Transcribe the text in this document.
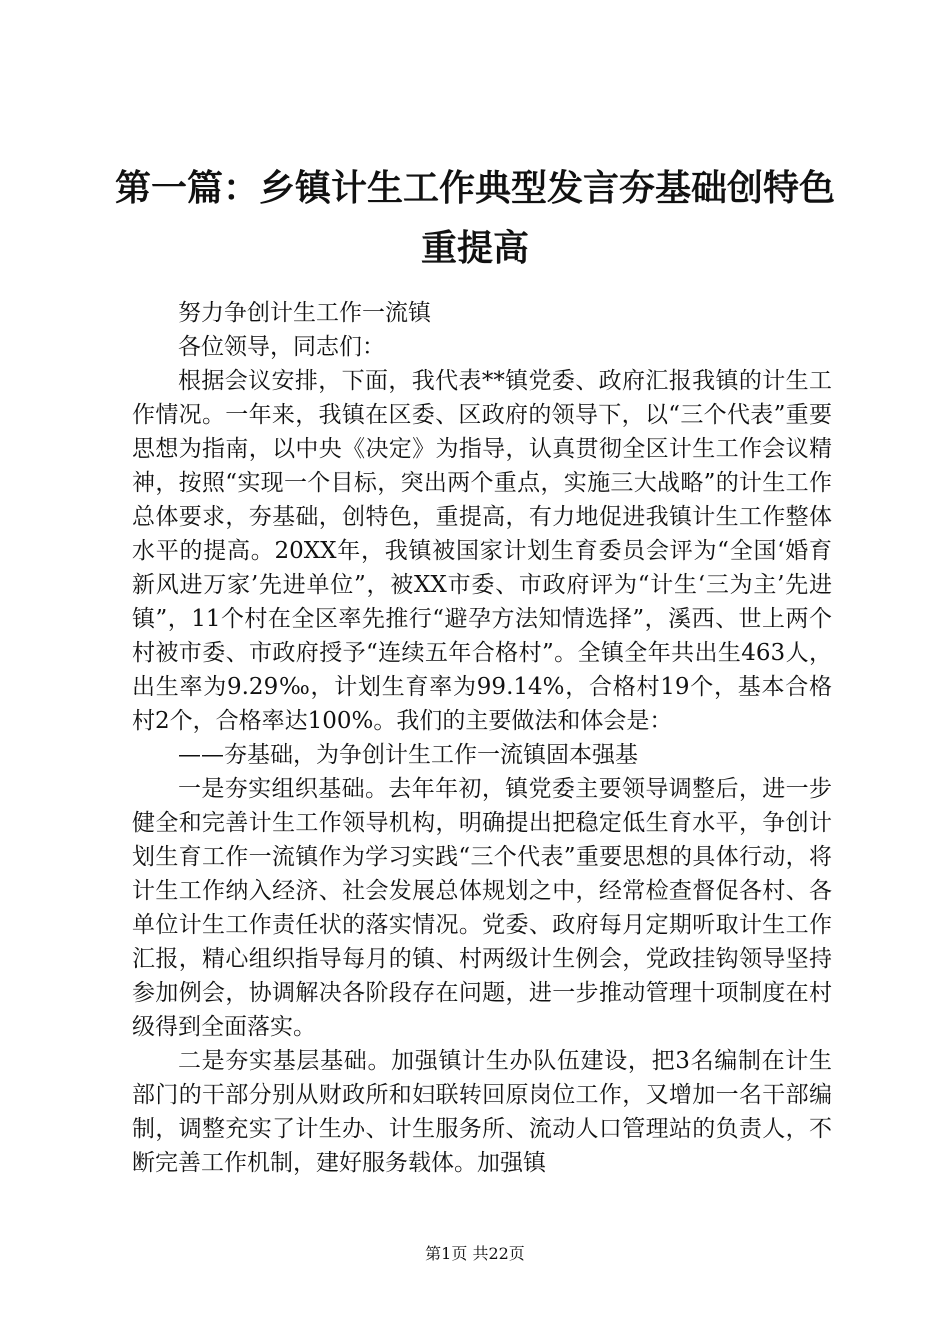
第一篇：乡镇计生工作典型发言夯基础创特色重提高

努力争创计生工作一流镇

各位领导，同志们：

根据会议安排，下面，我代表**镇党委、政府汇报我镇的计生工作情况。一年来，我镇在区委、区政府的领导下，以“三个代表”重要思想为指南，以中央《决定》为指导，认真贯彻全区计生工作会议精神，按照“实现一个目标，突出两个重点，实施三大战略”的计生工作总体要求，夯基础，创特色，重提高，有力地促进我镇计生工作整体水平的提高。20XX年，我镇被国家计划生育委员会评为“全国‘婚育新风进万家’先进单位”，被XX市委、市政府评为“计生‘三为主’先进镇”，11个村在全区率先推行“避孕方法知情选择”，溪西、世上两个村被市委、市政府授予“连续五年合格村”。全镇全年共出生463人，出生率为9.29‰，计划生育率为99.14%，合格村19个，基本合格村2个，合格率达100%。我们的主要做法和体会是：

——夯基础，为争创计生工作一流镇固本强基

一是夯实组织基础。去年年初，镇党委主要领导调整后，进一步健全和完善计生工作领导机构，明确提出把稳定低生育水平，争创计划生育工作一流镇作为学习实践“三个代表”重要思想的具体行动，将计生工作纳入经济、社会发展总体规划之中，经常检查督促各村、各单位计生工作责任状的落实情况。党委、政府每月定期听取计生工作汇报，精心组织指导每月的镇、村两级计生例会，党政挂钩领导坚持参加例会，协调解决各阶段存在问题，进一步推动管理十项制度在村级得到全面落实。

二是夯实基层基础。加强镇计生办队伍建设，把3名编制在计生部门的干部分别从财政所和妇联转回原岗位工作，又增加一名干部编制，调整充实了计生办、计生服务所、流动人口管理站的负责人，不断完善工作机制，建好服务载体。加强镇

第1页 共22页
